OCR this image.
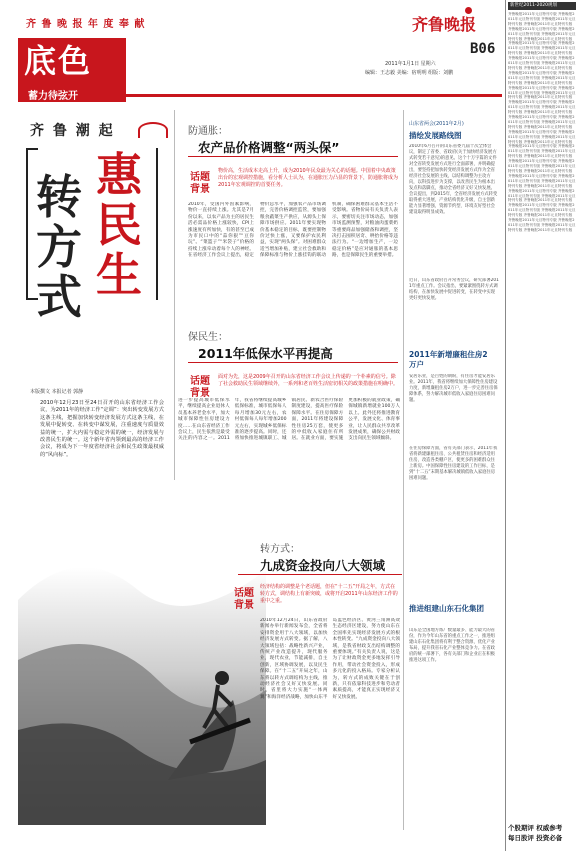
齐 鲁 晚 报 年 度 奉 献	齐鲁晚报
底色
蓄力待弦开
B06
2011年1月1日 星期六
编辑：王志毅 美编：宿明明 组版：刘鹏
齐 鲁 潮 起
惠
民
生
转
方
式
本版撰文 本报记者 郭静
2010年12月23日至24日召开的山东省经济工作会议，为2011年的经济工作“定调”：突出转变发展方式这条主线，把握加快转变经济发展方式这条主线，在发展中促转变、在转变中谋发展，注重速度与质量效益的统一，扩大内需与稳定外需的统一，经济发展与改善民生的统一。这个新年省内领到最高的经济工作会议，将成为下一年度省经济社会和民生政策最权威的“风向标”。
防通胀：
农产品价格调整“两头保”
话题背景
物价高，生活成本走高上升，成为2010年民众最为关心的话题。中国着中央政策出台的宏观调控措施，看分析人士认为，在通胀压力凸显的背景下，防通胀将成为2011年宏观调控的首要任务。
2010年，受国内外因素影响，物价一直持续上涨。尤其是7月份以来，以农产品为主的居民生活必需品价格上涨较快，CPI上涨速度有所加快，有的甚至已成为市民口中的“蒜你狠”“豆你玩”。“菜篮子”“米袋子”价格的持续上涨牵动着每个人的神经。在省经济工作会议上提出，稳定物价总水平，加强农产品市场调控，完善价格调控监管，要加强粮食蔬菜生产供应，从源头上保障市场供应。2011年要实现物价基本稳定的目标，既要控制物价过快上涨，又要保护农民利益，实现“两头保”。对困难群众适当增加补贴，建立社会救助和保障标准与物价上涨挂钩的联动机制，确保困难群众基本生活不受影响。省物价局有关负责人表示，要密切关注市场动态，加强市场监测预警，对粮油肉蛋菜奶等重要商品加强储备和调控，坚决打击囤积居奇、哄抬价格等违法行为。“一边增加生产，一边稳定价格”是应对通胀的基本思路，也是保障民生的重要举措。
保民生：
2011年低保水平再提高
话题背景
面对为先，这是2009年召开的山东省经济工作会议上传递的一个朴素的信号。除了社会救助民生领域继续外，一系列和老百姓生活密切相关的政策措施在明确中。
进一步提高城市低保水平，继续提高企业退休人员基本养老金水平，加大城市保障性住房建设力度……在山东省经济工作会议上，民生依然是最受关注的内容之一。2011年，我省将继续提高城乡低保标准，城市低保每人每月增加30元左右，农村低保每人每年增加200元左右，实现城乡低保标准的逐步提高。同时，还将加快推进城镇职工、城镇居民、新农合医疗保险制度建设，提高医疗保险保障水平。在住房保障方面，2011年将建设保障性住房25万套，使更多的中低收入家庭住有所居。在就业方面，要实施更加积极的就业政策，确保城镇新增就业100万人以上。此外还将推进教育公平，发展文化、体育事业，让人民群众共享改革发展成果，确保公共财政支出向民生领域倾斜。
转方式：
九成资金投向八大领域
话题背景
经济结构的调整是个老话题，但在“十二五”开局之年，方式在转方式，调结构上有新突破，或将开启2011年山东经济工作的重中之重。
2010年12月24日，山东省政府新闻办举行新闻发布会，全省将安排资金用于八大领域，以加快经济发展方式转变。据了解，八大领域包括：战略性新兴产业，传统产业改造提升，现代服务业，现代农业，节能减排，自主创新，区域协调发展，以及民生保障。在“十二五”开局之年，山东将以转方式调结构为主线，推动经济社会又好又快发展。同时，省里将大力实施“一体两翼”和海洋经济战略，加快山东半岛蓝色经济区、黄河三角洲高效生态经济区建设，努力使山东在全国率先实现经济发展方式的根本性转变。“九成资金投向八大领域，是我省财政支出结构调整的重要体现。”有关负责人说，这是为了让财政资金更多地发挥引导作用，带动社会资金投入，形成多元化的投入格局。专家分析认为，转方式的成败关键在于创新，只有依靠科技进步和劳动者素质提高，才能真正实现经济又好又快发展。
山东省两会(2011年2月)
描绘发展路线图
2010年6月召开的山东省委九届十次全体会议，制定了省委、省政府(关于加快经济发展方式转变若干意见)的意见。这个十万字篇的文件对全省转变发展方式进行全面部署，并明确提出，要坚持把加快转变经济发展方式作为全省经济社会发展的主线，以结构调整为主攻方向，以科技进步为支撑，以改善民生为根本出发点和落脚点，推动全省经济又好又快发展。会议提出，到2015年，全省经济发展方式转变取得重大进展，产业结构优化升级，自主创新能力显著增强，资源节约型、环境友好型社会建设取得明显成效。
近日，山东省政府召开常务会议，研究部署2011年重点工作。会议指出，要紧紧围绕转方式调结构，在加快发展中促进转变，在转变中实现更好更快发展。
2011年新增廉租住房2万户
安居乐业，是百姓的期盼，有住房才能安居乐业。2011年，我省将继续加大保障性住房建设力度，新增廉租住房2万户，进一步完善住房保障体系，努力解决城市低收入家庭住房困难问题。
在住房保障方面，省有关部门表示，2011年我省将新建廉租住房、公共租赁住房和经济适用住房，改造各类棚户区，使更多的困难群众住上新房。中国保障性住房建设的工作目标，是到“十二五”末期基本解决城镇低收入家庭住房困难问题。
推进组建山东石化集团
山东是全国地方炼厂数量最多、能力最大的省份，作为今年山东省的重点工作之一，推进组建山东石化集团将有利于整合资源，优化产业布局，提升我省石化产业整体竞争力。在省政府的统一部署下，各有关部门和企业正在积极推进这项工作。
新世纪2011-2020规划
齐鲁晚报2011年元旦特刊专版 齐鲁晚报2011年元旦特刊专版 齐鲁晚报2011年元旦特刊专版 齐鲁晚报2011年元旦特刊专版 齐鲁晚报2011年元旦特刊专版 齐鲁晚报2011年元旦特刊专版 齐鲁晚报2011年元旦特刊专版 齐鲁晚报2011年元旦特刊专版 齐鲁晚报2011年元旦特刊专版 齐鲁晚报2011年元旦特刊专版 齐鲁晚报2011年元旦特刊专版 齐鲁晚报2011年元旦特刊专版 齐鲁晚报2011年元旦特刊专版 齐鲁晚报2011年元旦特刊专版 齐鲁晚报2011年元旦特刊专版 齐鲁晚报2011年元旦特刊专版 齐鲁晚报2011年元旦特刊专版 齐鲁晚报2011年元旦特刊专版 齐鲁晚报2011年元旦特刊专版 齐鲁晚报2011年元旦特刊专版 齐鲁晚报2011年元旦特刊专版 齐鲁晚报2011年元旦特刊专版 齐鲁晚报2011年元旦特刊专版 齐鲁晚报2011年元旦特刊专版 齐鲁晚报2011年元旦特刊专版 齐鲁晚报2011年元旦特刊专版 齐鲁晚报2011年元旦特刊专版 齐鲁晚报2011年元旦特刊专版 齐鲁晚报2011年元旦特刊专版 齐鲁晚报2011年元旦特刊专版 齐鲁晚报2011年元旦特刊专版 齐鲁晚报2011年元旦特刊专版 齐鲁晚报2011年元旦特刊专版 齐鲁晚报2011年元旦特刊专版 齐鲁晚报2011年元旦特刊专版 齐鲁晚报2011年元旦特刊专版 齐鲁晚报2011年元旦特刊专版 齐鲁晚报2011年元旦特刊专版 齐鲁晚报2011年元旦特刊专版 齐鲁晚报2011年元旦特刊专版 齐鲁晚报2011年元旦特刊专版 齐鲁晚报2011年元旦特刊专版 齐鲁晚报2011年元旦特刊专版 齐鲁晚报2011年元旦特刊专版 齐鲁晚报2011年元旦特刊专版 齐鲁晚报2011年元旦特刊专版 齐鲁晚报2011年元旦特刊专版 齐鲁晚报2011年元旦特刊专版 齐鲁晚报2011年元旦特刊专版 齐鲁晚报2011年元旦特刊专版 齐鲁晚报2011年元旦特刊专版 齐鲁晚报2011年元旦特刊专版 齐鲁晚报2011年元旦特刊专版 齐鲁晚报2011年元旦特刊专版 齐鲁晚报2011年元旦特刊专版 齐鲁晚报2011年元旦特刊专版 齐鲁晚报2011年元旦特刊专版 齐鲁晚报2011年元旦特刊专版 齐鲁晚报2011年元旦特刊专版 齐鲁晚报2011年元旦特刊专版
个股期评 权威参考
每日股评 投资必备
